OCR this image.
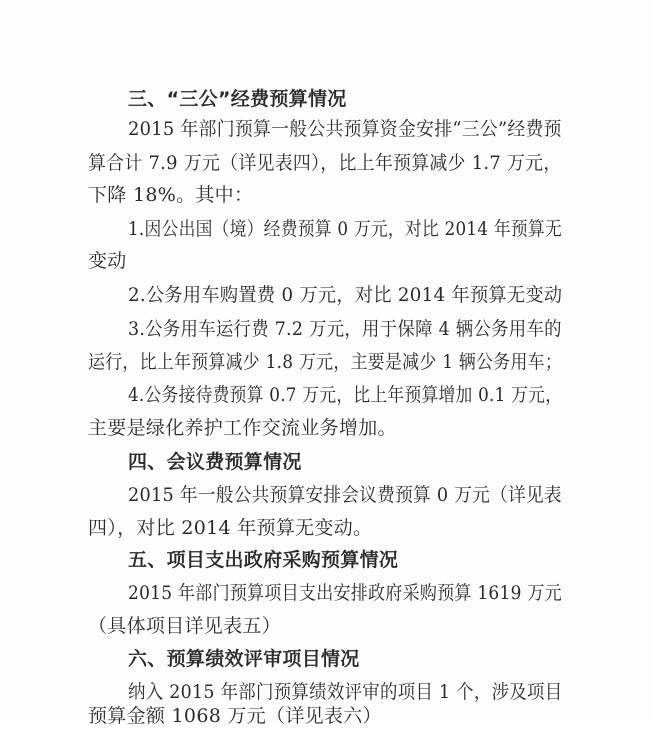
三、“三公”经费预算情况
2015 年部门预算一般公共预算资金安排“三公”经费预
算合计 7.9 万元（详见表四），比上年预算减少 1.7 万元，
下降 18%。其中：
1.因公出国（境）经费预算 0 万元，对比 2014 年预算无
变动
2.公务用车购置费 0 万元，对比 2014 年预算无变动
3.公务用车运行费 7.2 万元，用于保障 4 辆公务用车的
运行，比上年预算减少 1.8 万元，主要是减少 1 辆公务用车；
4.公务接待费预算 0.7 万元，比上年预算增加 0.1 万元，
主要是绿化养护工作交流业务增加。
四、会议费预算情况
2015 年一般公共预算安排会议费预算 0 万元（详见表
四），对比 2014 年预算无变动。
五、项目支出政府采购预算情况
2015 年部门预算项目支出安排政府采购预算 1619 万元
（具体项目详见表五）
六、预算绩效评审项目情况
纳入 2015 年部门预算绩效评审的项目 1 个，涉及项目
预算金额 1068 万元（详见表六）
